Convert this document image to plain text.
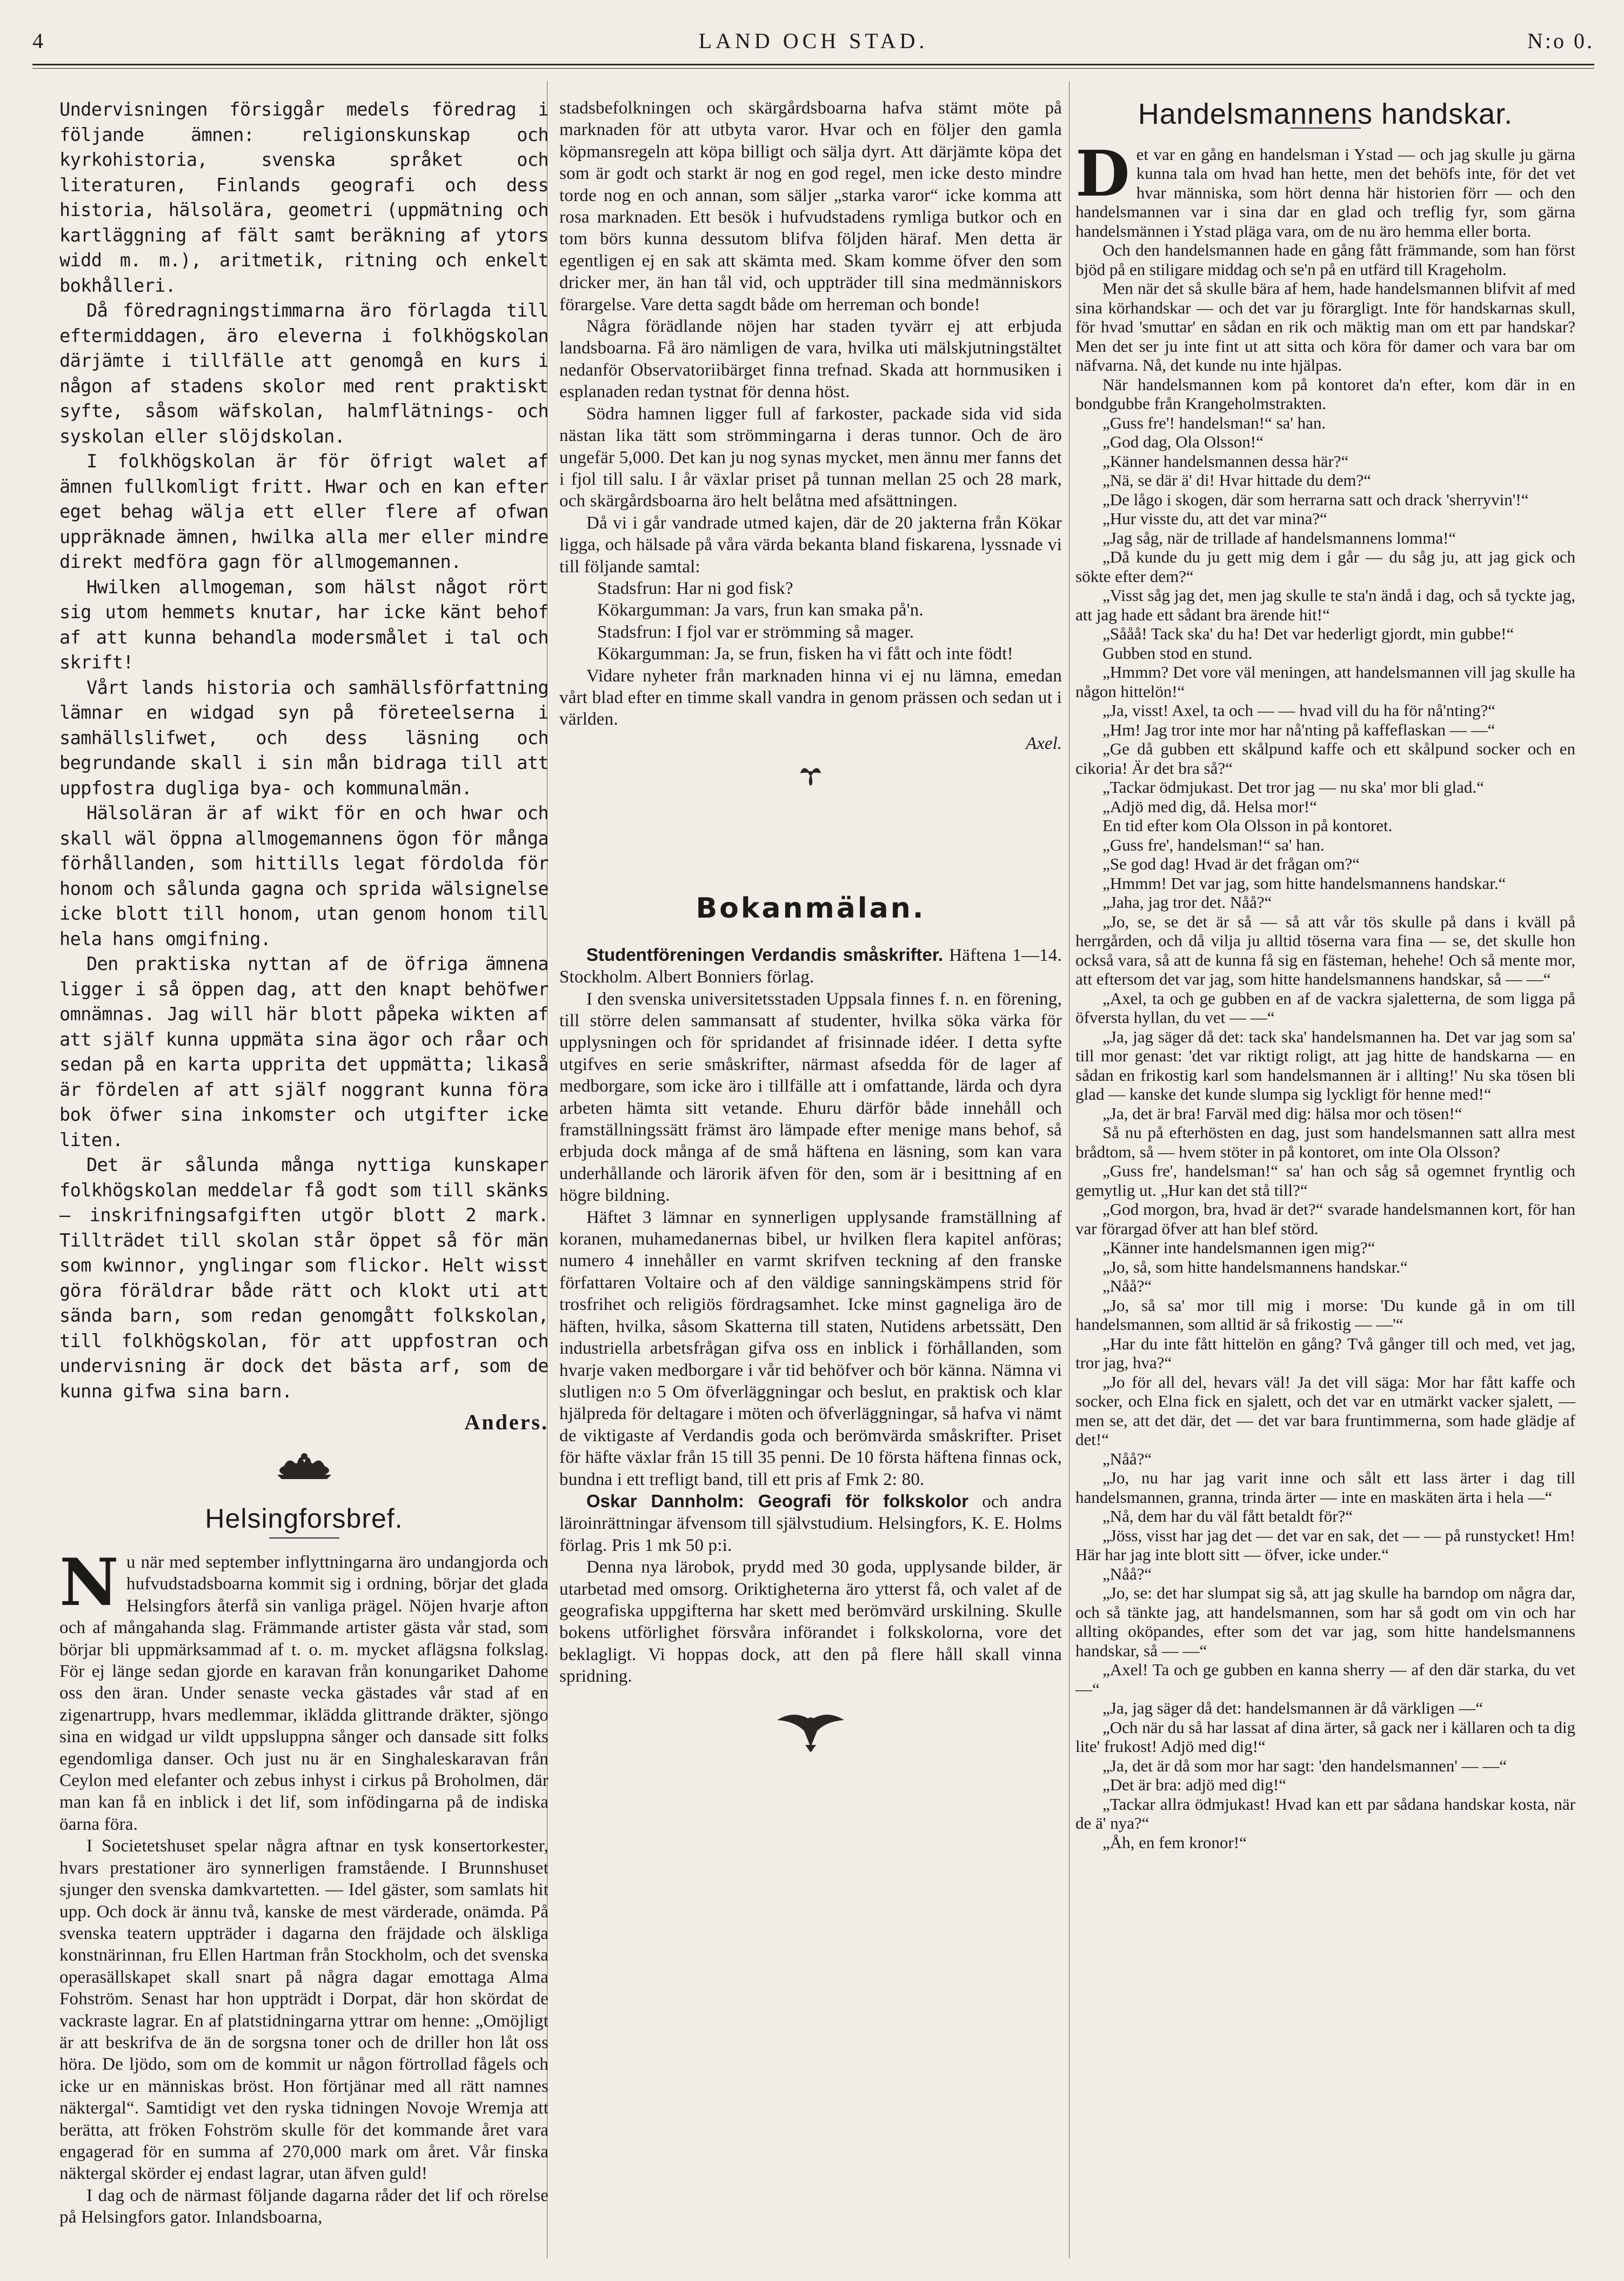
4	LAND OCH STAD.	N:o 0.

Undervisningen försiggår medels föredrag i följande ämnen: religionskunskap och kyrkohistoria, svenska språket och literaturen, Finlands geografi och dess historia, hälsolära, geometri (uppmätning och kartläggning af fält samt beräkning af ytors widd m. m.), aritmetik, ritning och enkelt bokhålleri.

Då föredragningstimmarna äro förlagda till eftermiddagen, äro eleverna i folkhögskolan därjämte i tillfälle att genomgå en kurs i någon af stadens skolor med rent praktiskt syfte, såsom wäfskolan, halmflätnings- och syskolan eller slöjdskolan.

I folkhögskolan är för öfrigt walet af ämnen fullkomligt fritt. Hwar och en kan efter eget behag wälja ett eller flere af ofwan uppräknade ämnen, hwilka alla mer eller mindre direkt medföra gagn för allmogemannen.

Hwilken allmogeman, som hälst något rört sig utom hemmets knutar, har icke känt behof af att kunna behandla modersmålet i tal och skrift!

Vårt lands historia och samhällsförfattning lämnar en widgad syn på företeelserna i samhällslifwet, och dess läsning och begrundande skall i sin mån bidraga till att uppfostra dugliga bya- och kommunalmän.

Hälsoläran är af wikt för en och hwar och skall wäl öppna allmogemannens ögon för många förhållanden, som hittills legat fördolda för honom och sålunda gagna och sprida wälsignelse icke blott till honom, utan genom honom till hela hans omgifning.

Den praktiska nyttan af de öfriga ämnena ligger i så öppen dag, att den knapt behöfwer omnämnas. Jag will här blott påpeka wikten af att själf kunna uppmäta sina ägor och råar och sedan på en karta upprita det uppmätta; likaså är fördelen af att själf noggrant kunna föra bok öfwer sina inkomster och utgifter icke liten.

Det är sålunda många nyttiga kunskaper folkhögskolan meddelar få godt som till skänks — inskrifningsafgiften utgör blott 2 mark. Tillträdet till skolan står öppet så för män som kwinnor, ynglingar som flickor. Helt wisst göra föräldrar både rätt och klokt uti att sända barn, som redan genomgått folkskolan, till folkhögskolan, för att uppfostran och undervisning är dock det bästa arf, som de kunna gifwa sina barn.

Anders.
Helsingforsbref.

Nu när med september inflyttningarna äro undangjorda och hufvudstadsboarna kommit sig i ordning, börjar det glada Helsingfors återfå sin vanliga prägel. Nöjen hvarje afton och af mångahanda slag. Främmande artister gästa vår stad, som börjar bli uppmärksammad af t. o. m. mycket aflägsna folkslag. För ej länge sedan gjorde en karavan från konungariket Dahome oss den äran. Under senaste vecka gästades vår stad af en zigenartrupp, hvars medlemmar, iklädda glittrande dräkter, sjöngo sina en widgad ur vildt uppsluppna sånger och dansade sitt folks egendomliga danser. Och just nu är en Singhaleskaravan från Ceylon med elefanter och zebus inhyst i cirkus på Broholmen, där man kan få en inblick i det lif, som infödingarna på de indiska öarna föra.

I Societetshuset spelar några aftnar en tysk konsertorkester, hvars prestationer äro synnerligen framstående. I Brunnshuset sjunger den svenska damkvartetten. — Idel gäster, som samlats hit upp. Och dock är ännu två, kanske de mest värderade, onämda. På svenska teatern uppträder i dagarna den fräjdade och älskliga konstnärinnan, fru Ellen Hartman från Stockholm, och det svenska operasällskapet skall snart på några dagar emottaga Alma Fohström. Senast har hon uppträdt i Dorpat, där hon skördat de vackraste lagrar. En af platstidningarna yttrar om henne: „Omöjligt är att beskrifva de än de sorgsna toner och de driller hon låt oss höra. De ljödo, som om de kommit ur någon förtrollad fågels och icke ur en människas bröst. Hon förtjänar med all rätt namnes näktergal“. Samtidigt vet den ryska tidningen Novoje Wremja att berätta, att fröken Fohström skulle för det kommande året vara engagerad för en summa af 270,000 mark om året. Vår finska näktergal skörder ej endast lagrar, utan äfven guld!

I dag och de närmast följande dagarna råder det lif och rörelse på Helsingfors gator. Inlandsboarna,

stadsbefolkningen och skärgårdsboarna hafva stämt möte på marknaden för att utbyta varor. Hvar och en följer den gamla köpmansregeln att köpa billigt och sälja dyrt. Att därjämte köpa det som är godt och starkt är nog en god regel, men icke desto mindre torde nog en och annan, som säljer „starka varor“ icke komma att rosa marknaden. Ett besök i hufvudstadens rymliga butkor och en tom börs kunna dessutom blifva följden häraf. Men detta är egentligen ej en sak att skämta med. Skam komme öfver den som dricker mer, än han tål vid, och uppträder till sina medmänniskors förargelse. Vare detta sagdt både om herreman och bonde!

Några förädlande nöjen har staden tyvärr ej att erbjuda landsboarna. Få äro nämligen de vara, hvilka uti mälskjutningstältet nedanför Observatoriibärget finna trefnad. Skada att hornmusiken i esplanaden redan tystnat för denna höst.

Södra hamnen ligger full af farkoster, packade sida vid sida nästan lika tätt som strömmingarna i deras tunnor. Och de äro ungefär 5,000. Det kan ju nog synas mycket, men ännu mer fanns det i fjol till salu. I år växlar priset på tunnan mellan 25 och 28 mark, och skärgårdsboarna äro helt belåtna med afsättningen.

Då vi i går vandrade utmed kajen, där de 20 jakterna från Kökar ligga, och hälsade på våra värda bekanta bland fiskarena, lyssnade vi till följande samtal:

Stadsfrun: Har ni god fisk?

Kökargumman: Ja vars, frun kan smaka på'n.

Stadsfrun: I fjol var er strömming så mager.

Kökargumman: Ja, se frun, fisken ha vi fått och inte födt!

Vidare nyheter från marknaden hinna vi ej nu lämna, emedan vårt blad efter en timme skall vandra in genom prässen och sedan ut i världen.

Axel.
Bokanmälan.

Studentföreningen Verdandis småskrifter. Häftena 1—14. Stockholm. Albert Bonniers förlag.

I den svenska universitetsstaden Uppsala finnes f. n. en förening, till större delen sammansatt af studenter, hvilka söka värka för upplysningen och för spridandet af frisinnade idéer. I detta syfte utgifves en serie småskrifter, närmast afsedda för de lager af medborgare, som icke äro i tillfälle att i omfattande, lärda och dyra arbeten hämta sitt vetande. Ehuru därför både innehåll och framställningssätt främst äro lämpade efter menige mans behof, så erbjuda dock många af de små häftena en läsning, som kan vara underhållande och lärorik äfven för den, som är i besittning af en högre bildning.

Häftet 3 lämnar en synnerligen upplysande framställning af koranen, muhamedanernas bibel, ur hvilken flera kapitel anföras; numero 4 innehåller en varmt skrifven teckning af den franske författaren Voltaire och af den väldige sanningskämpens strid för trosfrihet och religiös fördragsamhet. Icke minst gagneliga äro de häften, hvilka, såsom Skatterna till staten, Nutidens arbetssätt, Den industriella arbetsfrågan gifva oss en inblick i förhållanden, som hvarje vaken medborgare i vår tid behöfver och bör känna. Nämna vi slutligen n:o 5 Om öfverläggningar och beslut, en praktisk och klar hjälpreda för deltagare i möten och öfverläggningar, så hafva vi nämt de viktigaste af Verdandis goda och berömvärda småskrifter. Priset för häfte växlar från 15 till 35 penni. De 10 första häftena finnas ock, bundna i ett trefligt band, till ett pris af Fmk 2: 80.

Oskar Dannholm: Geografi för folkskolor och andra läroinrättningar äfvensom till självstudium. Helsingfors, K. E. Holms förlag. Pris 1 mk 50 p:i.

Denna nya lärobok, prydd med 30 goda, upplysande bilder, är utarbetad med omsorg. Oriktigheterna äro ytterst få, och valet af de geografiska uppgifterna har skett med berömvärd urskilning. Skulle bokens utförlighet försvåra införandet i folkskolorna, vore det beklagligt. Vi hoppas dock, att den på flere håll skall vinna spridning.

Handelsmannens handskar.

Det var en gång en handelsman i Ystad — och jag skulle ju gärna kunna tala om hvad han hette, men det behöfs inte, för det vet hvar människa, som hört denna här historien förr — och den handelsmannen var i sina dar en glad och treflig fyr, som gärna handelsmännen i Ystad pläga vara, om de nu äro hemma eller borta.

Och den handelsmannen hade en gång fått främmande, som han först bjöd på en stiligare middag och se'n på en utfärd till Krageholm.

Men när det så skulle bära af hem, hade handelsmannen blifvit af med sina körhandskar — och det var ju förargligt. Inte för handskarnas skull, för hvad 'smuttar' en sådan en rik och mäktig man om ett par handskar? Men det ser ju inte fint ut att sitta och köra för damer och vara bar om näfvarna. Nå, det kunde nu inte hjälpas.

När handelsmannen kom på kontoret da'n efter, kom där in en bondgubbe från Krangeholmstrakten.

„Guss fre'! handelsman!“ sa' han.

„God dag, Ola Olsson!“

„Känner handelsmannen dessa här?“

„Nä, se där ä' di! Hvar hittade du dem?“

„De lågo i skogen, där som herrarna satt och drack 'sherryvin'!“

„Hur visste du, att det var mina?“

„Jag såg, när de trillade af handelsmannens lomma!“

„Då kunde du ju gett mig dem i går — du såg ju, att jag gick och sökte efter dem?“

„Visst såg jag det, men jag skulle te sta'n ändå i dag, och så tyckte jag, att jag hade ett sådant bra ärende hit!“

„Sååå! Tack ska' du ha! Det var hederligt gjordt, min gubbe!“

Gubben stod en stund.

„Hmmm? Det vore väl meningen, att handelsmannen vill jag skulle ha någon hittelön!“

„Ja, visst! Axel, ta och — — hvad vill du ha för nå'nting?“

„Hm! Jag tror inte mor har nå'nting på kaffeflaskan — —“

„Ge då gubben ett skålpund kaffe och ett skålpund socker och en cikoria! Är det bra så?“

„Tackar ödmjukast. Det tror jag — nu ska' mor bli glad.“

„Adjö med dig, då. Helsa mor!“

En tid efter kom Ola Olsson in på kontoret.

„Guss fre', handelsman!“ sa' han.

„Se god dag! Hvad är det frågan om?“

„Hmmm! Det var jag, som hitte handelsmannens handskar.“

„Jaha, jag tror det. Nåå?“

„Jo, se, se det är så — så att vår tös skulle på dans i kväll på herrgården, och då vilja ju alltid töserna vara fina — se, det skulle hon också vara, så att de kunna få sig en fästeman, hehehe! Och så mente mor, att eftersom det var jag, som hitte handelsmannens handskar, så — —“

„Axel, ta och ge gubben en af de vackra sjaletterna, de som ligga på öfversta hyllan, du vet — —“

„Ja, jag säger då det: tack ska' handelsmannen ha. Det var jag som sa' till mor genast: 'det var riktigt roligt, att jag hitte de handskarna — en sådan en frikostig karl som handelsmannen är i allting!' Nu ska tösen bli glad — kanske det kunde slumpa sig lyckligt för henne med!“

„Ja, det är bra! Farväl med dig: hälsa mor och tösen!“

Så nu på efterhösten en dag, just som handelsmannen satt allra mest brådtom, så — hvem stöter in på kontoret, om inte Ola Olsson?

„Guss fre', handelsman!“ sa' han och såg så ogemnet fryntlig och gemytlig ut. „Hur kan det stå till?“

„God morgon, bra, hvad är det?“ svarade handelsmannen kort, för han var förargad öfver att han blef störd.

„Känner inte handelsmannen igen mig?“

„Jo, så, som hitte handelsmannens handskar.“

„Nåå?“

„Jo, så sa' mor till mig i morse: 'Du kunde gå in om till handelsmannen, som alltid är så frikostig — —'“

„Har du inte fått hittelön en gång? Två gånger till och med, vet jag, tror jag, hva?“

„Jo för all del, hevars väl! Ja det vill säga: Mor har fått kaffe och socker, och Elna fick en sjalett, och det var en utmärkt vacker sjalett, — men se, att det där, det — det var bara fruntimmerna, som hade glädje af det!“

„Nåå?“

„Jo, nu har jag varit inne och sålt ett lass ärter i dag till handelsmannen, granna, trinda ärter — inte en maskäten ärta i hela —“

„Nå, dem har du väl fått betaldt för?“

„Jöss, visst har jag det — det var en sak, det — — på runstycket! Hm! Här har jag inte blott sitt — öfver, icke under.“

„Nåå?“

„Jo, se: det har slumpat sig så, att jag skulle ha barndop om några dar, och så tänkte jag, att handelsmannen, som har så godt om vin och har allting oköpandes, efter som det var jag, som hitte handelsmannens handskar, så — —“

„Axel! Ta och ge gubben en kanna sherry — af den där starka, du vet —“

„Ja, jag säger då det: handelsmannen är då värkligen —“

„Och när du så har lassat af dina ärter, så gack ner i källaren och ta dig lite' frukost! Adjö med dig!“

„Ja, det är då som mor har sagt: 'den handelsmannen' — —“

„Det är bra: adjö med dig!“

„Tackar allra ödmjukast! Hvad kan ett par sådana handskar kosta, när de ä' nya?“

„Åh, en fem kronor!“
